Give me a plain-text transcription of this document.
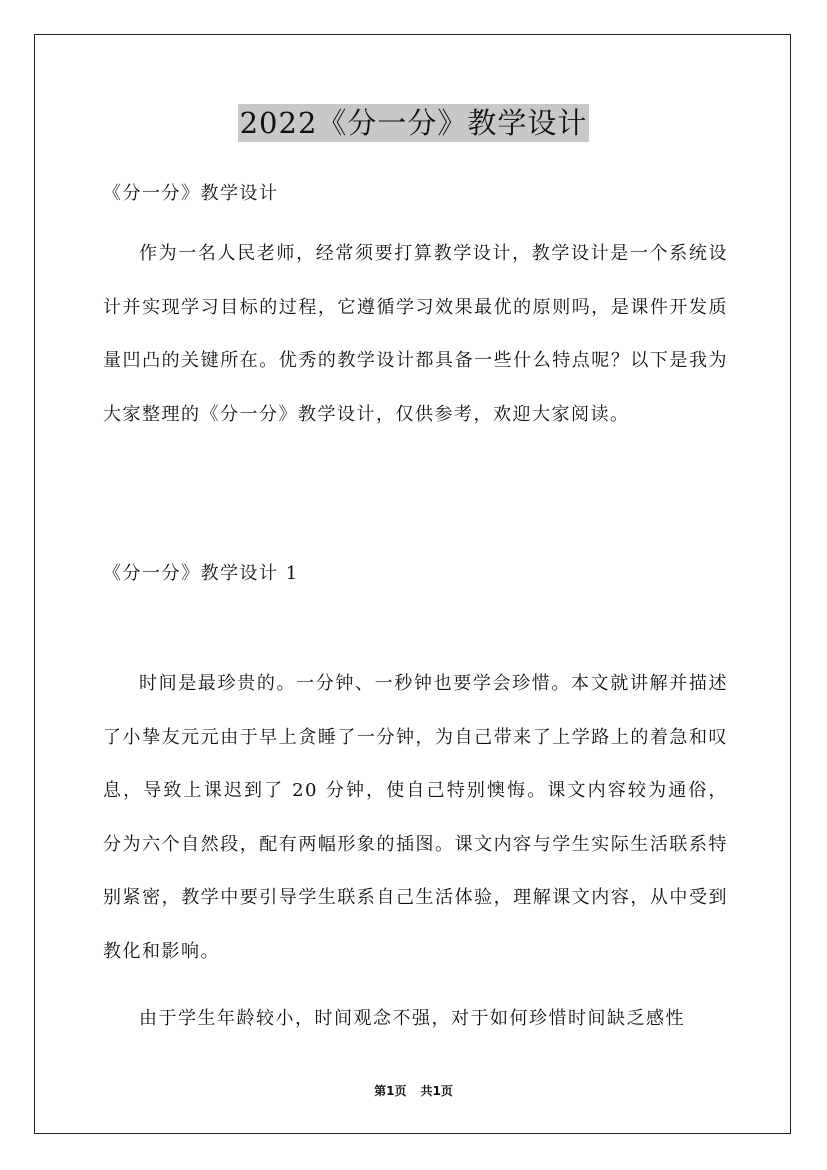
2022《分一分》教学设计
《分一分》教学设计
作为一名人民老师，经常须要打算教学设计，教学设计是一个系统设计并实现学习目标的过程，它遵循学习效果最优的原则吗，是课件开发质量凹凸的关键所在。优秀的教学设计都具备一些什么特点呢？以下是我为大家整理的《分一分》教学设计，仅供参考，欢迎大家阅读。
《分一分》教学设计 1
时间是最珍贵的。一分钟、一秒钟也要学会珍惜。本文就讲解并描述了小挚友元元由于早上贪睡了一分钟，为自己带来了上学路上的着急和叹息，导致上课迟到了 20 分钟，使自己特别懊悔。课文内容较为通俗，分为六个自然段，配有两幅形象的插图。课文内容与学生实际生活联系特别紧密，教学中要引导学生联系自己生活体验，理解课文内容，从中受到教化和影响。
由于学生年龄较小，时间观念不强，对于如何珍惜时间缺乏感性
第1页 共1页
